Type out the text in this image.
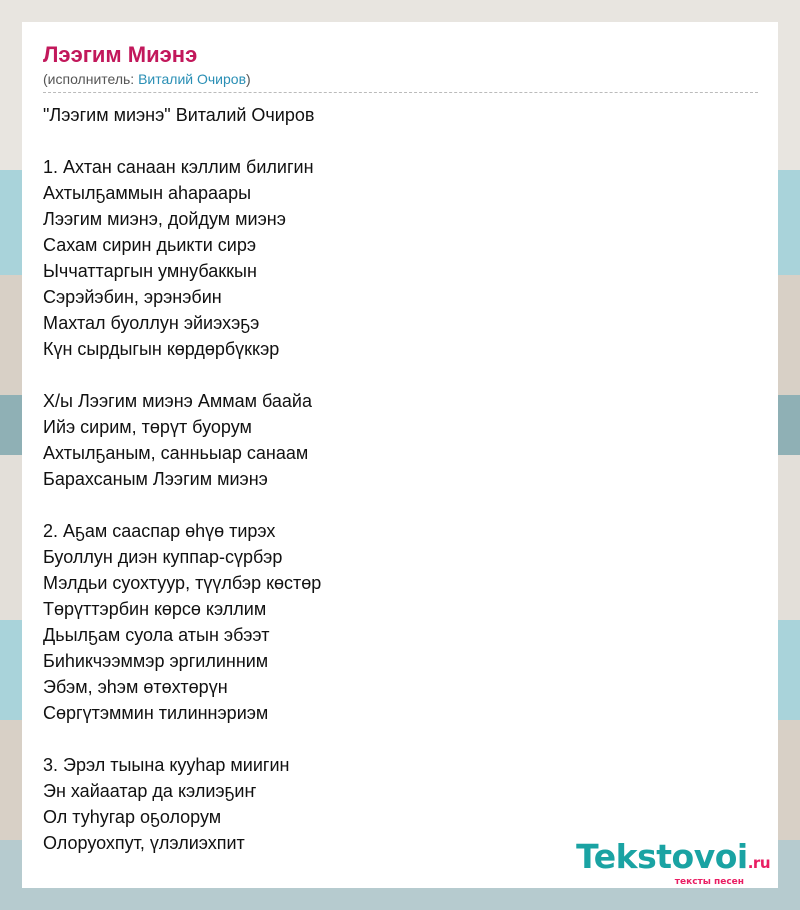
Лээгим Миэнэ
(исполнитель: Виталий Очиров)
"Лээгим миэнэ" Виталий Очиров
1. Ахтан санаан кэллим билигин
Ахтылҕаммын аһараары
Лээгим миэнэ, дойдум миэнэ
Сахам сирин дьикти сирэ
Ыччаттаргын умнубаккын
Сэрэйэбин, эрэнэбин
Махтал буоллун эйиэхэҕэ
Күн сырдыгын көрдөрбүккэр
Х/ы Лээгим миэнэ Аммам баайа
Ийэ сирим, төрүт буорум
Ахтылҕаным, санньыар санаам
Барахсаным Лээгим миэнэ
2. Аҕам сааспар өһүө тирэх
Буоллун диэн куппар-сүрбэр
Мэлдьи суохтуур, түүлбэр көстөр
Төрүттэрбин көрсө кэллим
Дьылҕам суола атын эбээт
Биһикчээммэр эргилинним
Эбэм, эһэм өтөхтөрүн
Сөргүтэммин тилиннэриэм
3. Эрэл тыына кууһар миигин
Эн хайаатар да кэлиэҕиҥ
Ол туһугар оҕолорум
Олоруохпут, үлэлиэхпит	Tekstovoi.ru
тексты песен
